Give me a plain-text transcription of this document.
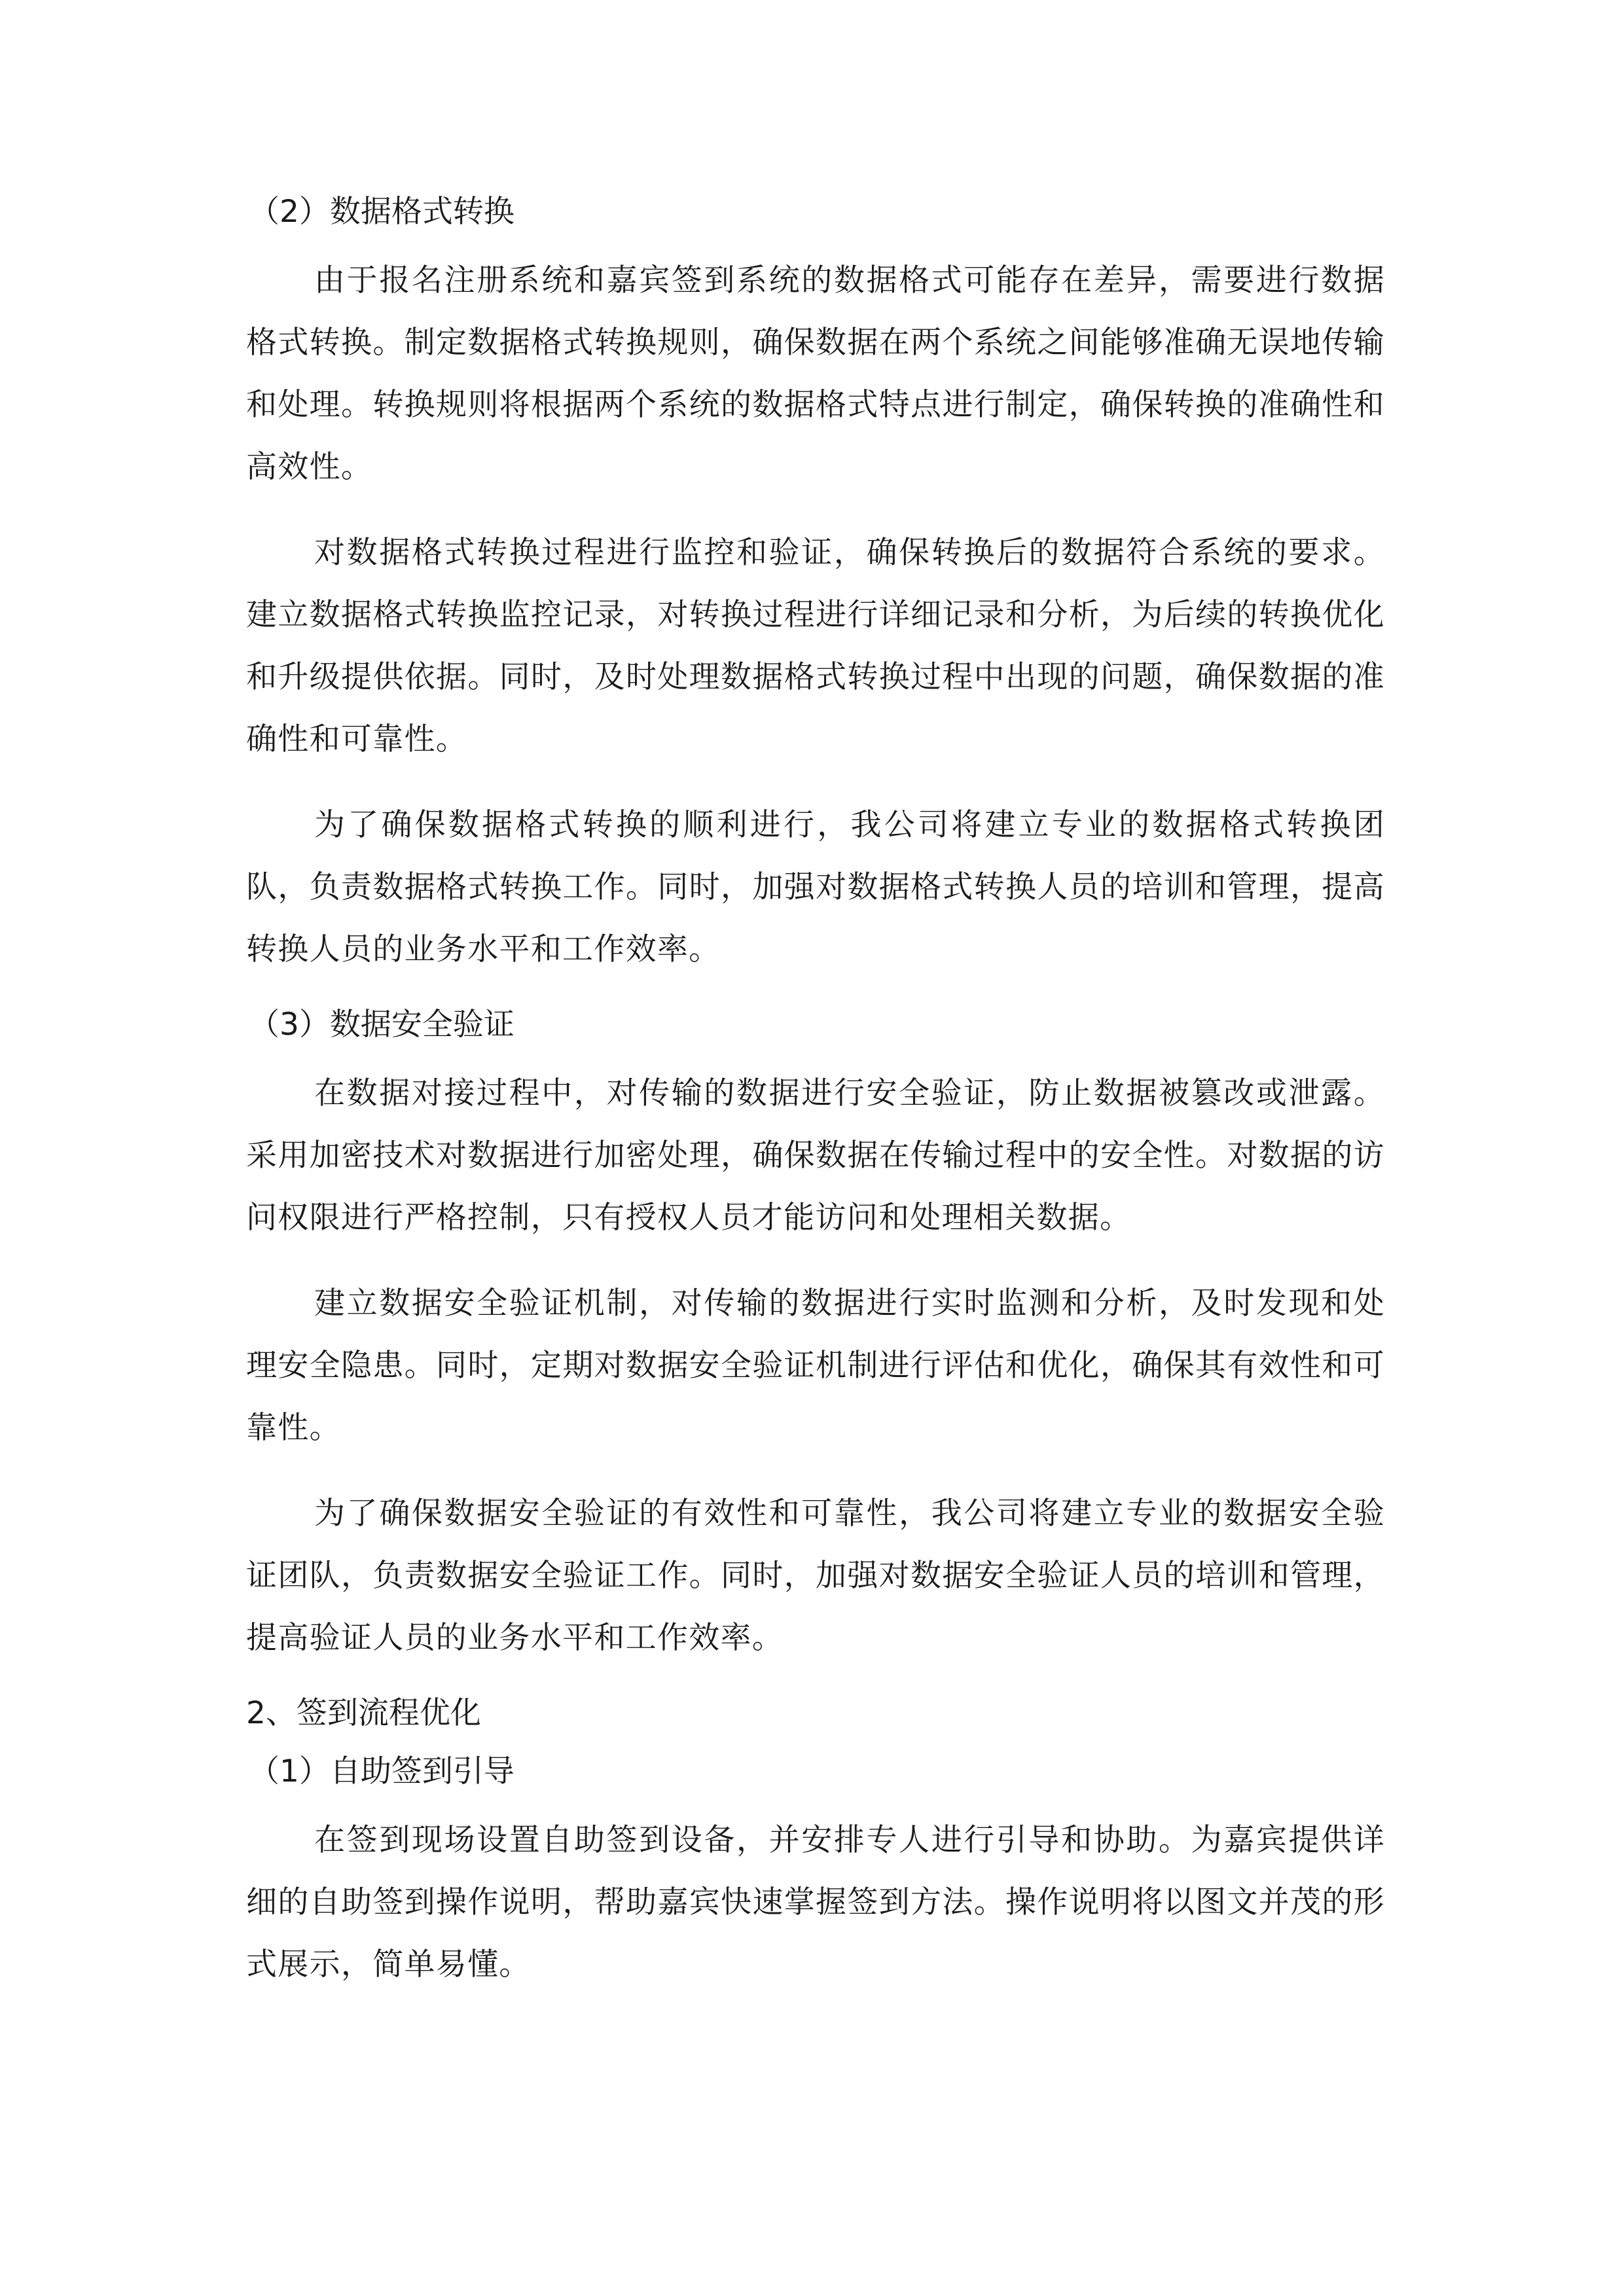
（2）数据格式转换

由于报名注册系统和嘉宾签到系统的数据格式可能存在差异，需要进行数据格式转换。制定数据格式转换规则，确保数据在两个系统之间能够准确无误地传输和处理。转换规则将根据两个系统的数据格式特点进行制定，确保转换的准确性和高效性。

对数据格式转换过程进行监控和验证，确保转换后的数据符合系统的要求。建立数据格式转换监控记录，对转换过程进行详细记录和分析，为后续的转换优化和升级提供依据。同时，及时处理数据格式转换过程中出现的问题，确保数据的准确性和可靠性。

为了确保数据格式转换的顺利进行，我公司将建立专业的数据格式转换团队，负责数据格式转换工作。同时，加强对数据格式转换人员的培训和管理，提高转换人员的业务水平和工作效率。

（3）数据安全验证

在数据对接过程中，对传输的数据进行安全验证，防止数据被篡改或泄露。采用加密技术对数据进行加密处理，确保数据在传输过程中的安全性。对数据的访问权限进行严格控制，只有授权人员才能访问和处理相关数据。

建立数据安全验证机制，对传输的数据进行实时监测和分析，及时发现和处理安全隐患。同时，定期对数据安全验证机制进行评估和优化，确保其有效性和可靠性。

为了确保数据安全验证的有效性和可靠性，我公司将建立专业的数据安全验证团队，负责数据安全验证工作。同时，加强对数据安全验证人员的培训和管理，提高验证人员的业务水平和工作效率。

2、签到流程优化
（1）自助签到引导

在签到现场设置自助签到设备，并安排专人进行引导和协助。为嘉宾提供详细的自助签到操作说明，帮助嘉宾快速掌握签到方法。操作说明将以图文并茂的形式展示，简单易懂。
